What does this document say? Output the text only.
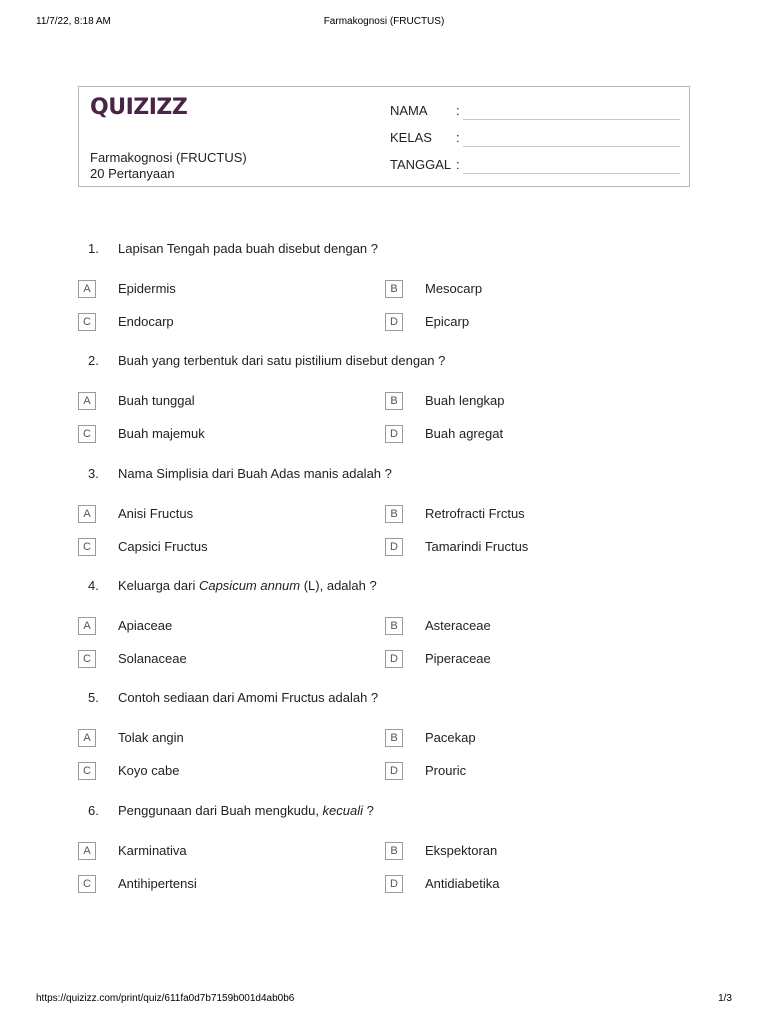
11/7/22, 8:18 AM	Farmakognosi (FRUCTUS)
QUIZIZZ
Farmakognosi (FRUCTUS)
20 Pertanyaan
NAMA :
KELAS :
TANGGAL :
1. Lapisan Tengah pada buah disebut dengan ?
A	Epidermis	B	Mesocarp
C	Endocarp	D	Epicarp
2. Buah yang terbentuk dari satu pistilium disebut dengan ?
A	Buah tunggal	B	Buah lengkap
C	Buah majemuk	D	Buah agregat
3. Nama Simplisia dari Buah Adas manis adalah ?
A	Anisi Fructus	B	Retrofracti Frctus
C	Capsici Fructus	D	Tamarindi Fructus
4. Keluarga dari Capsicum annum (L), adalah ?
A	Apiaceae	B	Asteraceae
C	Solanaceae	D	Piperaceae
5. Contoh sediaan dari Amomi Fructus adalah ?
A	Tolak angin	B	Pacekap
C	Koyo cabe	D	Prouric
6. Penggunaan dari Buah mengkudu, kecuali ?
A	Karminativa	B	Ekspektoran
C	Antihipertensi	D	Antidiabetika
https://quizizz.com/print/quiz/611fa0d7b7159b001d4ab0b6	1/3
